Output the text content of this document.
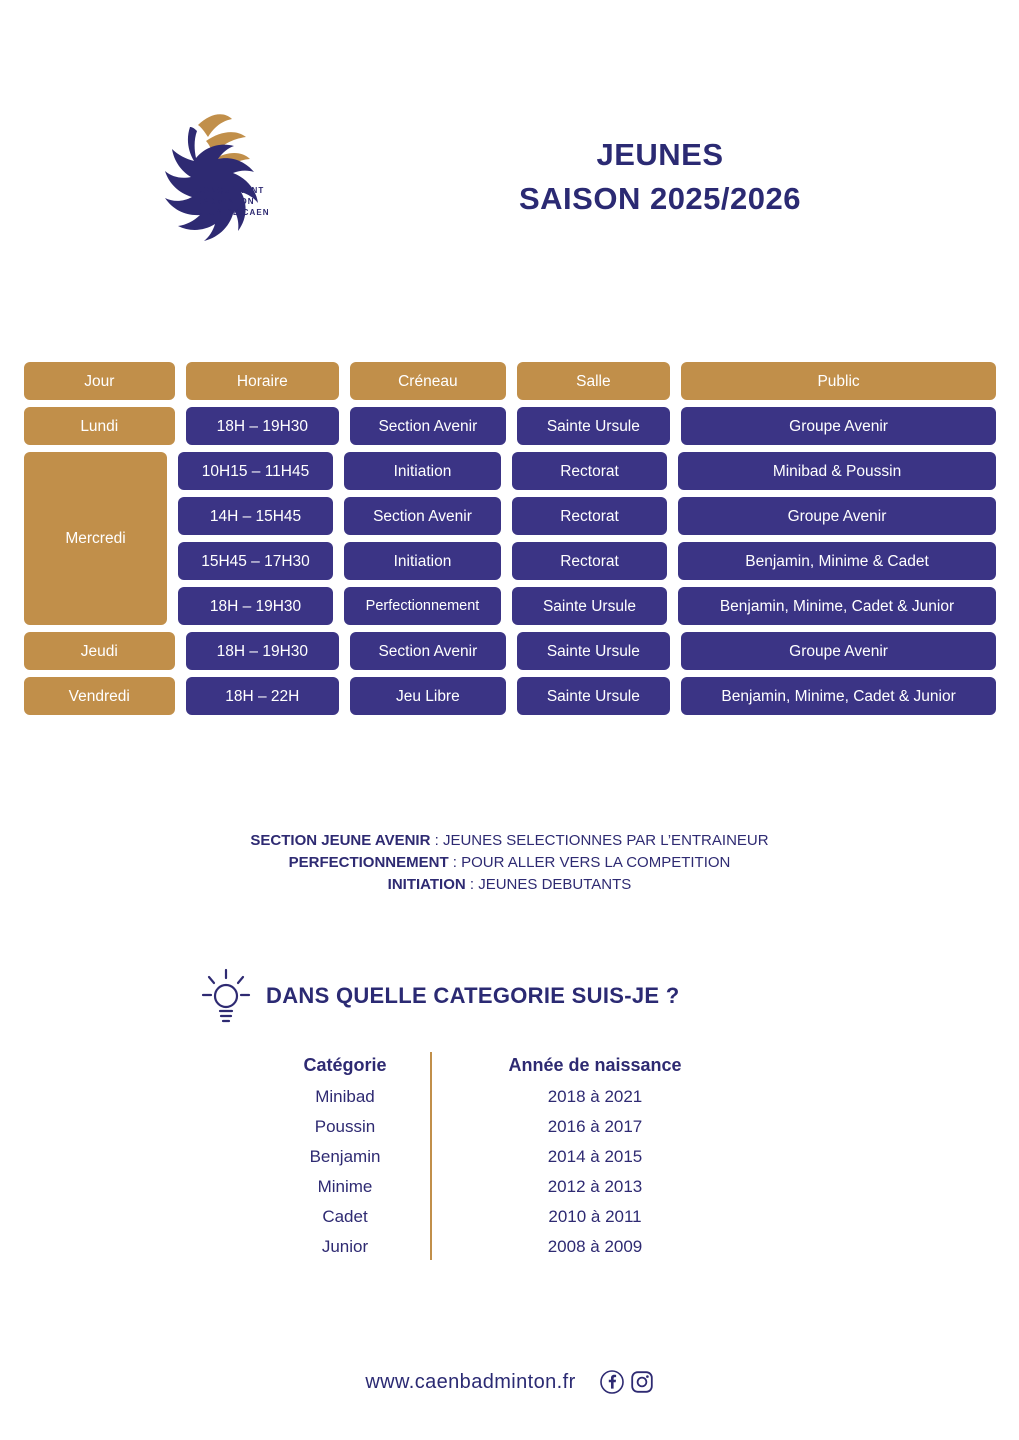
CONQUÉRANT
BADMINTON
CLUB DE CAEN
JEUNES
SAISON 2025/2026
Jour	Horaire	Créneau	Salle	Public
Lundi	18H – 19H30	Section Avenir	Sainte Ursule	Groupe Avenir
Mercredi
10H15 – 11H45	Initiation	Rectorat	Minibad & Poussin
14H – 15H45	Section Avenir	Rectorat	Groupe Avenir
15H45 – 17H30	Initiation	Rectorat	Benjamin, Minime & Cadet
18H – 19H30	Perfectionnement	Sainte Ursule	Benjamin, Minime, Cadet & Junior
Jeudi	18H – 19H30	Section Avenir	Sainte Ursule	Groupe Avenir
Vendredi	18H – 22H	Jeu Libre	Sainte Ursule	Benjamin, Minime, Cadet & Junior
SECTION JEUNE AVENIR : JEUNES SELECTIONNES PAR L’ENTRAINEUR
PERFECTIONNEMENT : POUR ALLER VERS LA COMPETITION
INITIATION : JEUNES DEBUTANTS
DANS QUELLE CATEGORIE SUIS-JE ?
Catégorie	Année de naissance
Minibad	2018 à 2021
Poussin	2016 à 2017
Benjamin	2014 à 2015
Minime	2012 à 2013
Cadet	2010 à 2011
Junior	2008 à 2009
www.caenbadminton.fr
